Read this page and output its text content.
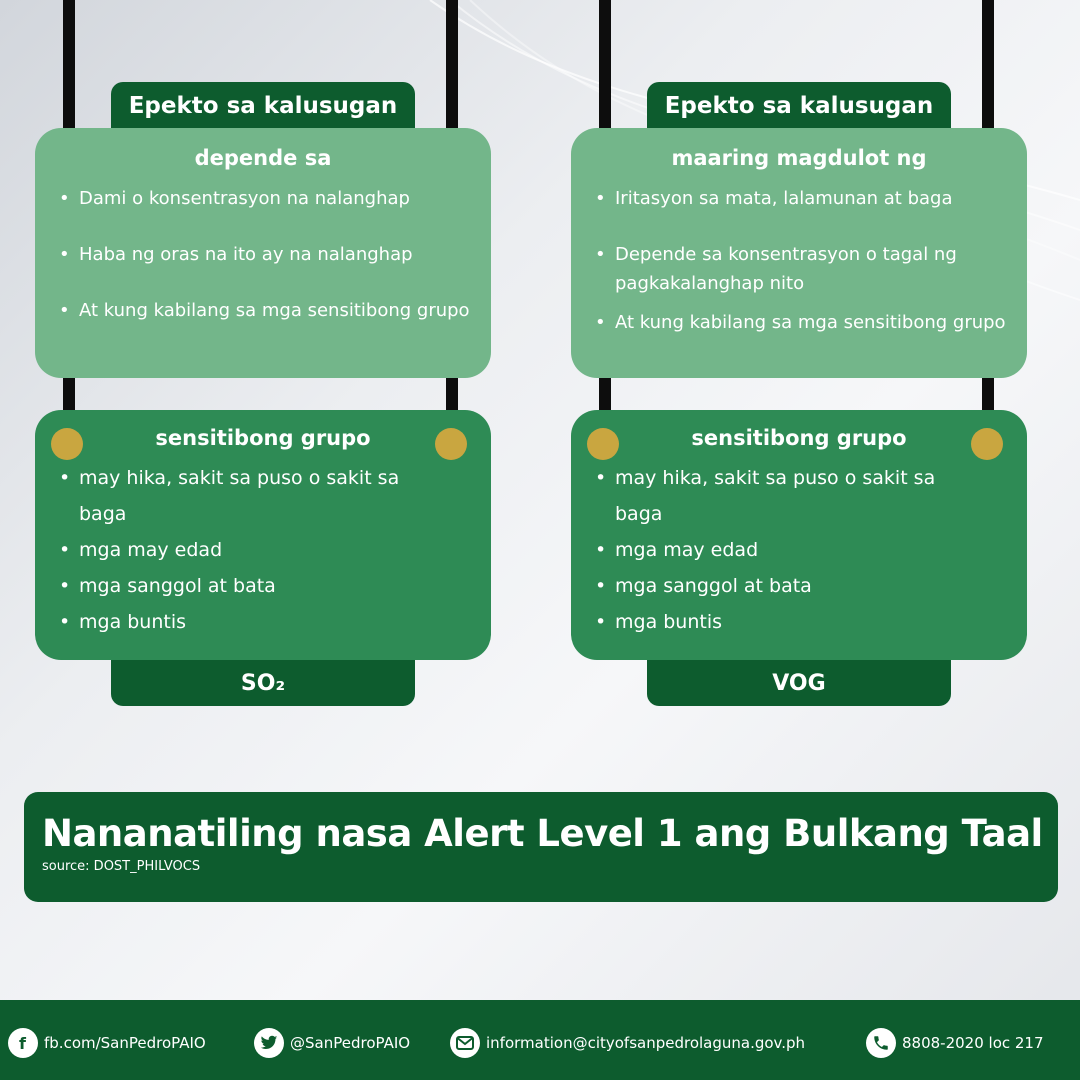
Epekto sa kalusugan
depende sa
• Dami o konsentrasyon na nalanghap
• Haba ng oras na ito ay na nalanghap
• At kung kabilang sa mga sensitibong grupo
sensitibong grupo
• may hika, sakit sa puso o sakit sa baga
• mga may edad
• mga sanggol at bata
• mga buntis
SO₂
Epekto sa kalusugan
maaring magdulot ng
• Iritasyon sa mata, lalamunan at baga
• Depende sa konsentrasyon o tagal ng pagkakalanghap nito
• At kung kabilang sa mga sensitibong grupo
sensitibong grupo
• may hika, sakit sa puso o sakit sa baga
• mga may edad
• mga sanggol at bata
• mga buntis
VOG
Nananatiling nasa Alert Level 1 ang Bulkang Taal
source: DOST_PHILVOCS
f fb.com/SanPedroPAIO	@SanPedroPAIO	information@cityofsanpedrolaguna.gov.ph	8808-2020 loc 217
